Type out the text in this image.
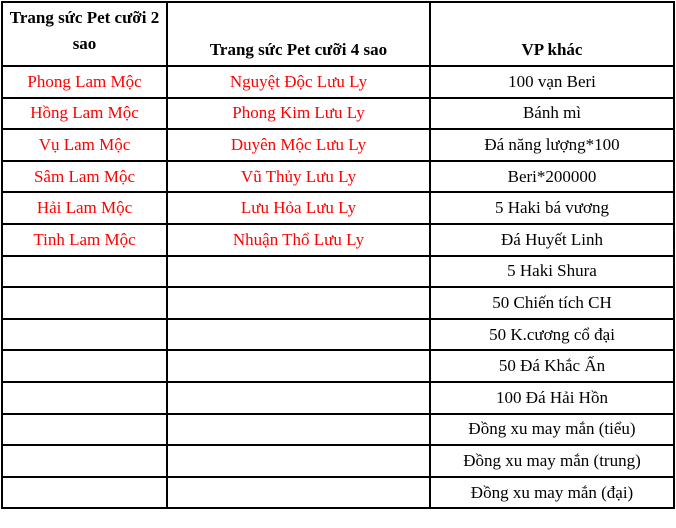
Trang sức Pet cưỡi 2 sao	Trang sức Pet cưỡi 4 sao	VP khác
Phong Lam Mộc	Nguyệt Độc Lưu Ly	100 vạn Beri
Hồng Lam Mộc	Phong Kim Lưu Ly	Bánh mì
Vụ Lam Mộc	Duyên Mộc Lưu Ly	Đá năng lượng*100
Sâm Lam Mộc	Vũ Thủy Lưu Ly	Beri*200000
Hải Lam Mộc	Lưu Hỏa Lưu Ly	5 Haki bá vương
Tinh Lam Mộc	Nhuận Thổ Lưu Ly	Đá Huyết Linh
		5 Haki Shura
		50 Chiến tích CH
		50 K.cương cổ đại
		50 Đá Khắc Ấn
		100 Đá Hải Hồn
		Đồng xu may mắn (tiểu)
		Đồng xu may mắn (trung)
		Đồng xu may mắn (đại)
